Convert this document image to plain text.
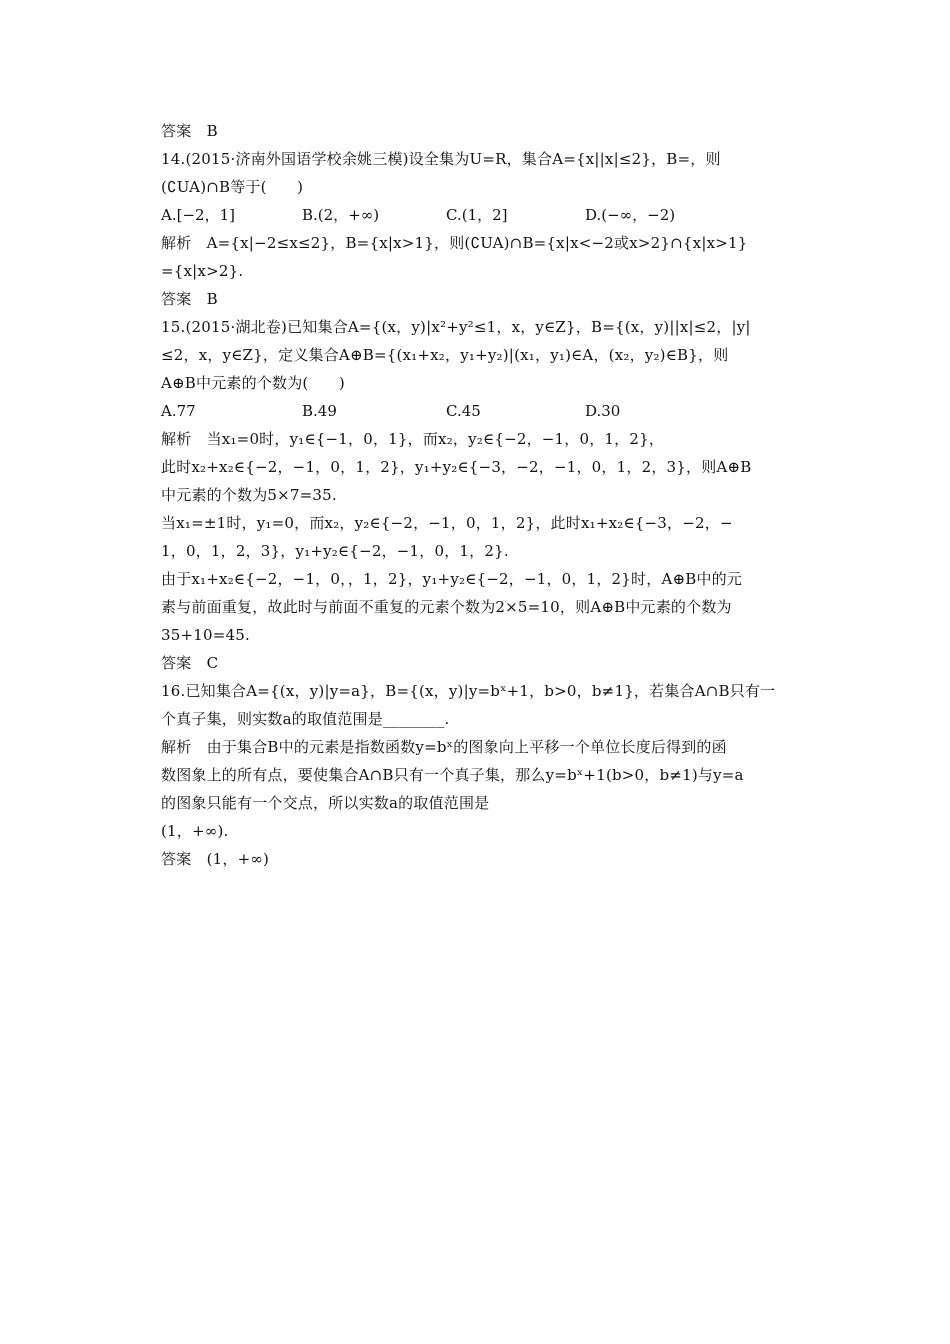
答案　B
14.(2015·济南外国语学校余姚三模)设全集为U=R，集合A={x||x|≤2}，B=，则
(∁UA)∩B等于(　　)
解析　A={x|−2≤x≤2}，B={x|x>1}，则(∁UA)∩B={x|x<−2或x>2}∩{x|x>1}
={x|x>2}.
答案　B
15.(2015·湖北卷)已知集合A={(x，y)|x²+y²≤1，x，y∈Z}，B={(x，y)||x|≤2，|y|
≤2，x，y∈Z}，定义集合A⊕B={(x₁+x₂，y₁+y₂)|(x₁，y₁)∈A，(x₂，y₂)∈B}，则
A⊕B中元素的个数为(　　)
解析　当x₁=0时，y₁∈{−1，0，1}，而x₂，y₂∈{−2，−1，0，1，2}，
此时x₂+x₂∈{−2，−1，0，1，2}，y₁+y₂∈{−3，−2，−1，0，1，2，3}，则A⊕B
中元素的个数为5×7=35.
当x₁=±1时，y₁=0，而x₂，y₂∈{−2，−1，0，1，2}，此时x₁+x₂∈{−3，−2，−
1，0，1，2，3}，y₁+y₂∈{−2，−1，0，1，2}.
由于x₁+x₂∈{−2，−1，0，，1，2}，y₁+y₂∈{−2，−1，0，1，2}时，A⊕B中的元
素与前面重复，故此时与前面不重复的元素个数为2×5=10，则A⊕B中元素的个数为
35+10=45.
答案　C
16.已知集合A={(x，y)|y=a}，B={(x，y)|y=bˣ+1，b>0，b≠1}，若集合A∩B只有一
个真子集，则实数a的取值范围是________.
解析　由于集合B中的元素是指数函数y=bˣ的图象向上平移一个单位长度后得到的函
数图象上的所有点，要使集合A∩B只有一个真子集，那么y=bˣ+1(b>0，b≠1)与y=a
的图象只能有一个交点，所以实数a的取值范围是
(1，+∞).
答案　(1，+∞)
A.[−2，1]	B.(2，+∞)	C.(1，2]	D.(−∞，−2)
A.77	B.49	C.45	D.30
